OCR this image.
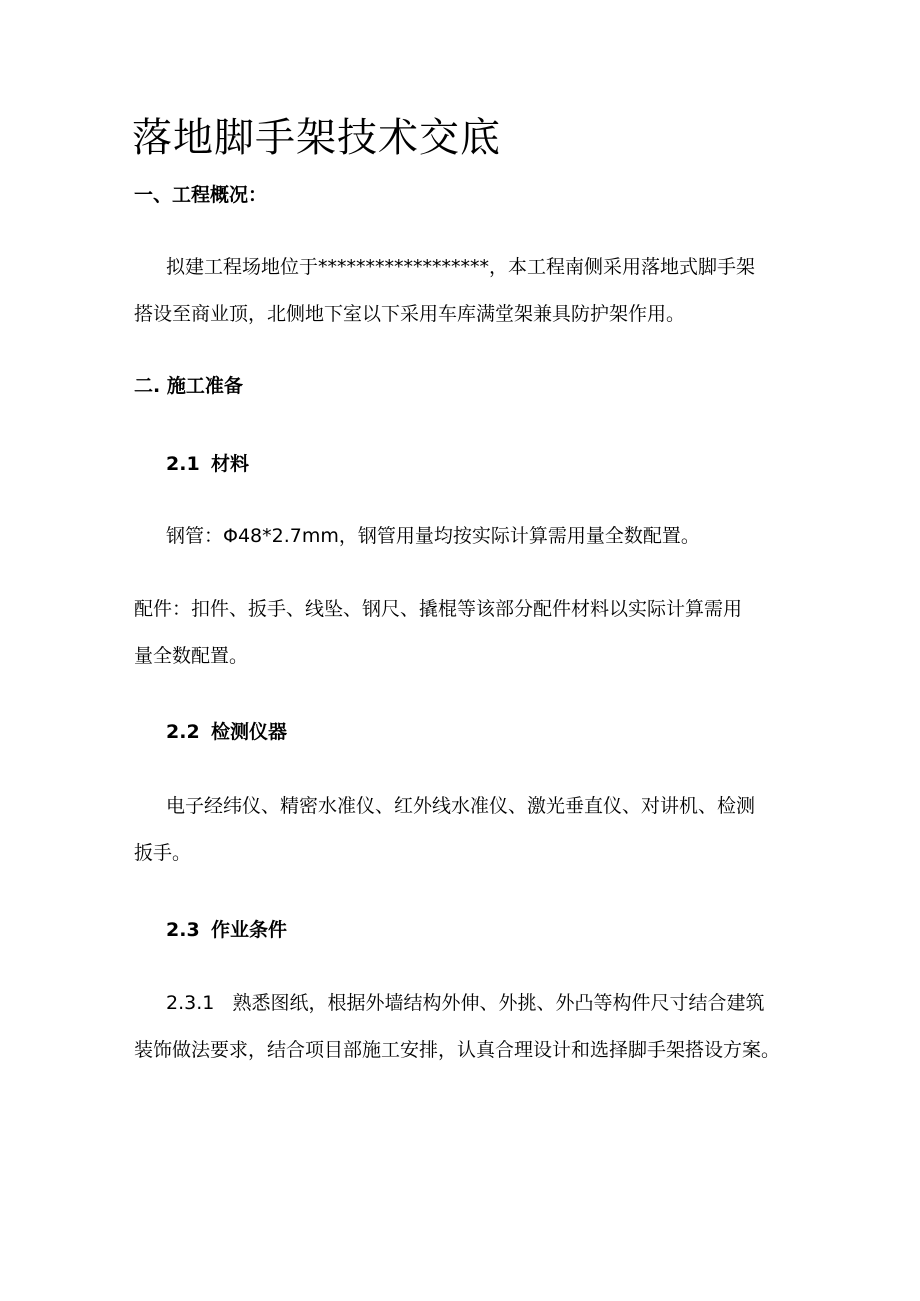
落地脚手架技术交底

一、工程概况：

拟建工程场地位于******************，本工程南侧采用落地式脚手架

搭设至商业顶，北侧地下室以下采用车库满堂架兼具防护架作用。

二. 施工准备

2.1 材料

钢管：Φ48*2.7mm，钢管用量均按实际计算需用量全数配置。

配件：扣件、扳手、线坠、钢尺、撬棍等该部分配件材料以实际计算需用

量全数配置。

2.2 检测仪器

电子经纬仪、精密水准仪、红外线水准仪、激光垂直仪、对讲机、检测

扳手。

2.3 作业条件

2.3.1 熟悉图纸，根据外墙结构外伸、外挑、外凸等构件尺寸结合建筑

装饰做法要求，结合项目部施工安排，认真合理设计和选择脚手架搭设方案。
